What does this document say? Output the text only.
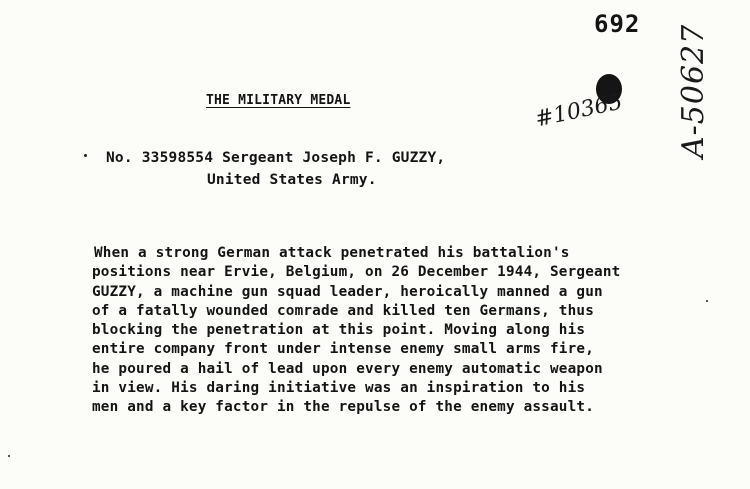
692
#10365 A-50627
THE MILITARY MEDAL
No. 33598554 Sergeant Joseph F. GUZZY,
United States Army.
When a strong German attack penetrated his battalion's
positions near Ervie, Belgium, on 26 December 1944, Sergeant
GUZZY, a machine gun squad leader, heroically manned a gun
of a fatally wounded comrade and killed ten Germans, thus
blocking the penetration at this point. Moving along his
entire company front under intense enemy small arms fire,
he poured a hail of lead upon every enemy automatic weapon
in view. His daring initiative was an inspiration to his
men and a key factor in the repulse of the enemy assault.
